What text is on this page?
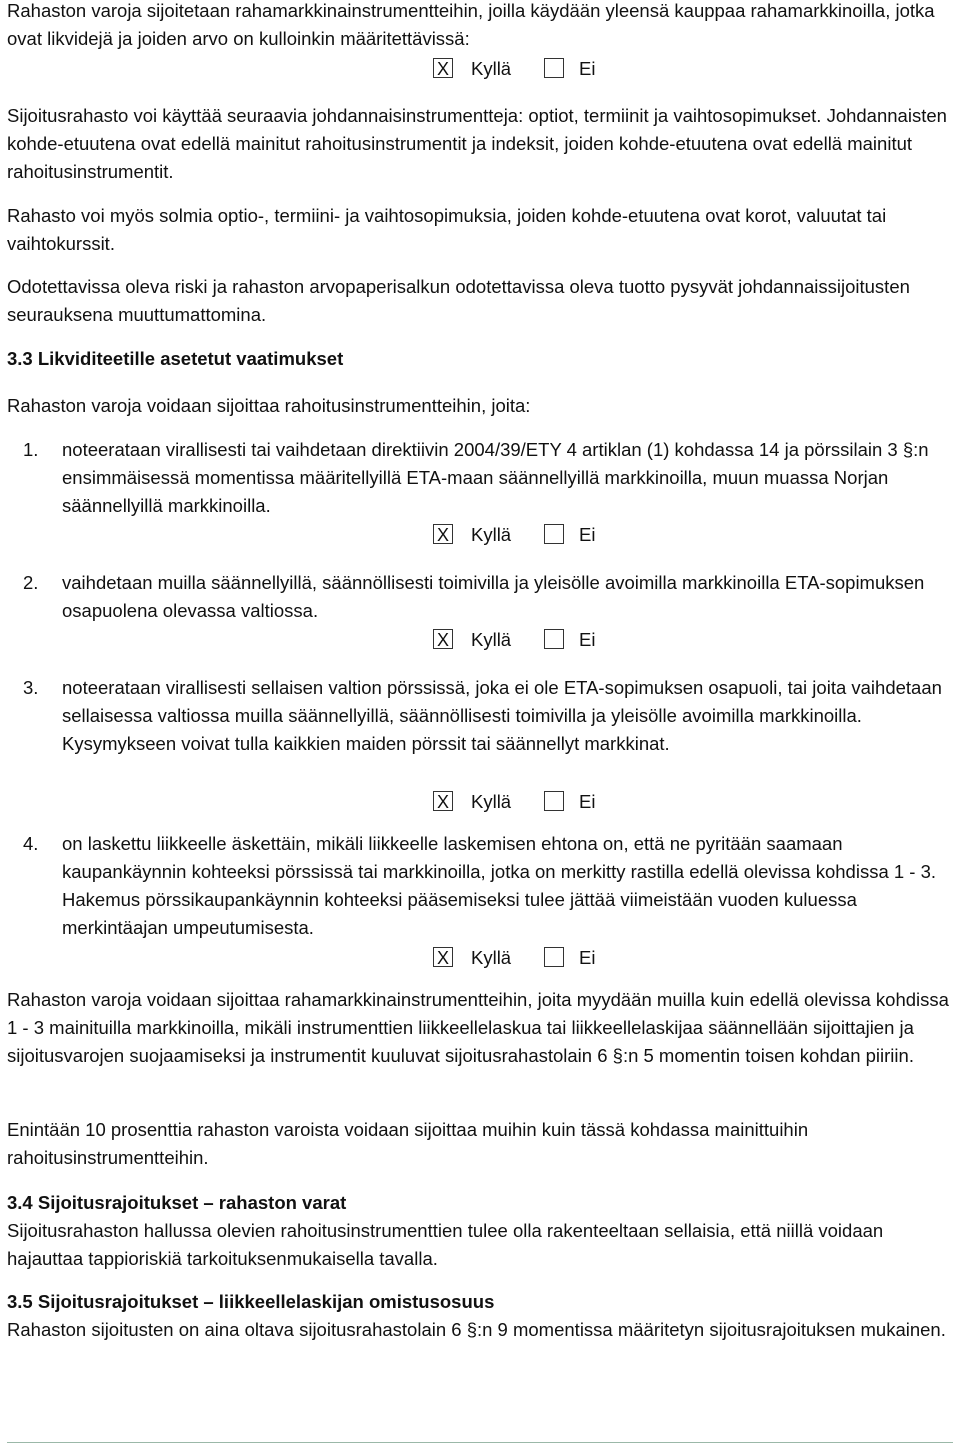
Rahaston varoja sijoitetaan rahamarkkinainstrumentteihin, joilla käydään yleensä kauppaa rahamarkkinoilla, jotka ovat likvidejä ja joiden arvo on kulloinkin määritettävissä:

X Kyllä	Ei

Sijoitusrahasto voi käyttää seuraavia johdannaisinstrumentteja: optiot, termiinit ja vaihtosopimukset. Johdannaisten kohde-etuutena ovat edellä mainitut rahoitusinstrumentit ja indeksit, joiden kohde-etuutena ovat edellä mainitut rahoitusinstrumentit.

Rahasto voi myös solmia optio-, termiini- ja vaihtosopimuksia, joiden kohde-etuutena ovat korot, valuutat tai vaihtokurssit.

Odotettavissa oleva riski ja rahaston arvopaperisalkun odotettavissa oleva tuotto pysyvät johdannaissijoitusten seurauksena muuttumattomina.

3.3 Likviditeetille asetetut vaatimukset

Rahaston varoja voidaan sijoittaa rahoitusinstrumentteihin, joita:

1. noteerataan virallisesti tai vaihdetaan direktiivin 2004/39/ETY 4 artiklan (1) kohdassa 14 ja pörssilain 3 §:n ensimmäisessä momentissa määritellyillä ETA-maan säännellyillä markkinoilla, muun muassa Norjan säännellyillä markkinoilla.

X Kyllä	Ei
2. vaihdetaan muilla säännellyillä, säännöllisesti toimivilla ja yleisölle avoimilla markkinoilla ETA-sopimuksen osapuolena olevassa valtiossa.

X Kyllä	Ei
3. noteerataan virallisesti sellaisen valtion pörssissä, joka ei ole ETA-sopimuksen osapuoli, tai joita vaihdetaan sellaisessa valtiossa muilla säännellyillä, säännöllisesti toimivilla ja yleisölle avoimilla markkinoilla. Kysymykseen voivat tulla kaikkien maiden pörssit tai säännellyt markkinat.

X Kyllä	Ei
4. on laskettu liikkeelle äskettäin, mikäli liikkeelle laskemisen ehtona on, että ne pyritään saamaan kaupankäynnin kohteeksi pörssissä tai markkinoilla, jotka on merkitty rastilla edellä olevissa kohdissa 1 - 3. Hakemus pörssikaupankäynnin kohteeksi pääsemiseksi tulee jättää viimeistään vuoden kuluessa merkintäajan umpeutumisesta.

X Kyllä	Ei

Rahaston varoja voidaan sijoittaa rahamarkkinainstrumentteihin, joita myydään muilla kuin edellä olevissa kohdissa 1 - 3 mainituilla markkinoilla, mikäli instrumenttien liikkeellelaskua tai liikkeellelaskijaa säännellään sijoittajien ja sijoitusvarojen suojaamiseksi ja instrumentit kuuluvat sijoitusrahastolain 6 §:n 5 momentin toisen kohdan piiriin.

Enintään 10 prosenttia rahaston varoista voidaan sijoittaa muihin kuin tässä kohdassa mainittuihin rahoitusinstrumentteihin.

3.4 Sijoitusrajoitukset – rahaston varat

Sijoitusrahaston hallussa olevien rahoitusinstrumenttien tulee olla rakenteeltaan sellaisia, että niillä voidaan hajauttaa tappioriskiä tarkoituksenmukaisella tavalla.

3.5 Sijoitusrajoitukset – liikkeellelaskijan omistusosuus

Rahaston sijoitusten on aina oltava sijoitusrahastolain 6 §:n 9 momentissa määritetyn sijoitusrajoituksen mukainen.
